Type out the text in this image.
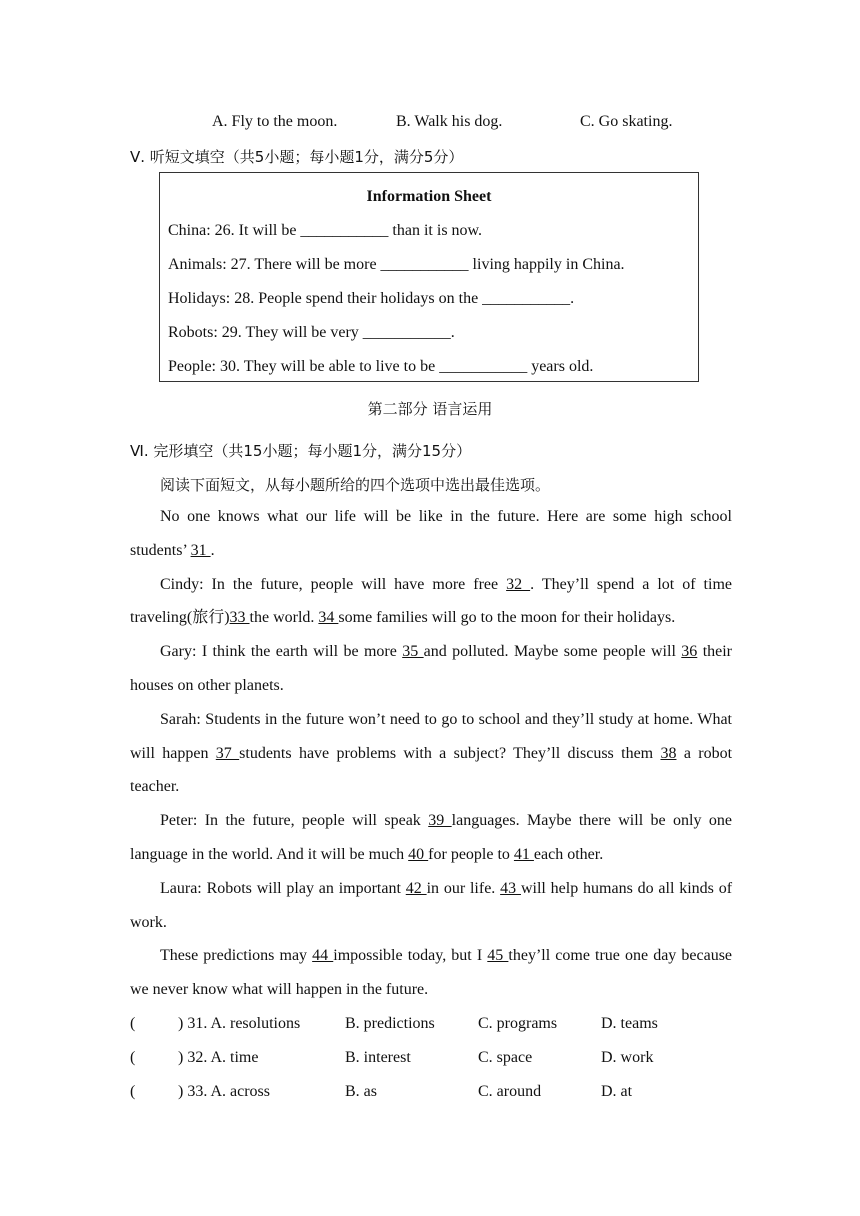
A. Fly to the moon.	B. Walk his dog.	C. Go skating.
Ⅴ. 听短文填空（共5小题；每小题1分，满分5分）
Information Sheet
China: 26. It will be ___________ than it is now.
Animals: 27. There will be more ___________ living happily in China.
Holidays: 28. People spend their holidays on the ___________.
Robots: 29. They will be very ___________.
People: 30. They will be able to live to be ___________ years old.
第二部分 语言运用
Ⅵ. 完形填空（共15小题；每小题1分，满分15分）
阅读下面短文，从每小题所给的四个选项中选出最佳选项。

No one knows what our life will be like in the future. Here are some high school students’ 31 .

Cindy: In the future, people will have more free 32 . They’ll spend a lot of time traveling(旅行)33 the world. 34 some families will go to the moon for their holidays.

Gary: I think the earth will be more 35 and polluted. Maybe some people will 36 their houses on other planets.

Sarah: Students in the future won’t need to go to school and they’ll study at home. What will happen 37 students have problems with a subject? They’ll discuss them 38 a robot teacher.

Peter: In the future, people will speak 39 languages. Maybe there will be only one language in the world. And it will be much 40 for people to 41 each other.

Laura: Robots will play an important 42 in our life. 43 will help humans do all kinds of work.

These predictions may 44 impossible today, but I 45 they’ll come true one day because we never know what will happen in the future.

(	) 31. A. resolutions	B. predictions	C. programs	D. teams
(	) 32. A. time	B. interest	C. space	D. work
(	) 33. A. across	B. as	C. around	D. at
